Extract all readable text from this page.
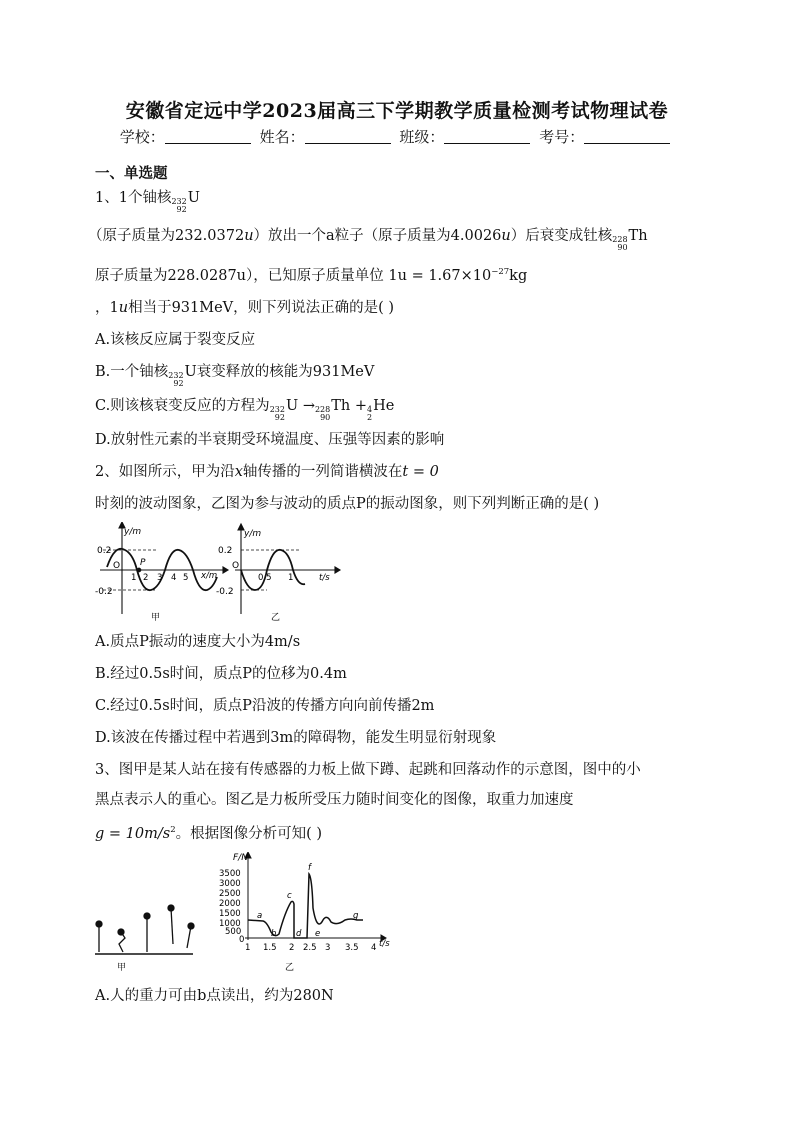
安徽省定远中学2023届高三下学期教学质量检测考试物理试卷
学校：	姓名：	班级：	考号：
一、单选题
1、1个铀核 232
92
U
（原子质量为232.0372u）放出一个a粒子（原子质量为4.0026u）后衰变成钍核 228
90
Th
原子质量为228.0287u），已知原子质量单位 $1u = 1.67\times 10^{-27}kg$
，1u相当于931MeV，则下列说法正确的是( )
A.该核反应属于裂变反应
B.一个铀核 232
92
U衰变释放的核能为931MeV
C.则该核衰变反应的方程为 232
92
U → 228
90
Th + 4
2
He
D.放射性元素的半衰期受环境温度、压强等因素的影响
2、如图所示，甲为沿x轴传播的一列简谐横波在t = 0
时刻的波动图象，乙图为参与波动的质点P的振动图象，则下列判断正确的是( )
y/m
0.2
-0.2
O P
1 2 3 4 5 x/m
甲
y/m
0.2
-0.2
O
0.5 1	t/s
乙
A.质点P振动的速度大小为4m/s
B.经过0.5s时间，质点P的位移为0.4m
C.经过0.5s时间，质点P沿波的传播方向向前传播2m
D.该波在传播过程中若遇到3m的障碍物，能发生明显衍射现象
3、图甲是某人站在接有传感器的力板上做下蹲、起跳和回落动作的示意图，图中的小
黑点表示人的重心。图乙是力板所受压力随时间变化的图像，取重力加速度
$g = 10m/s^2$。根据图像分析可知( )
甲
F/N
3500
3000
2500
2000
1500
1000
500
0
1 1.5 2 2.5 3 3.5 4 t/s
a
b
c
d e
f
g
乙
A.人的重力可由b点读出，约为280N
